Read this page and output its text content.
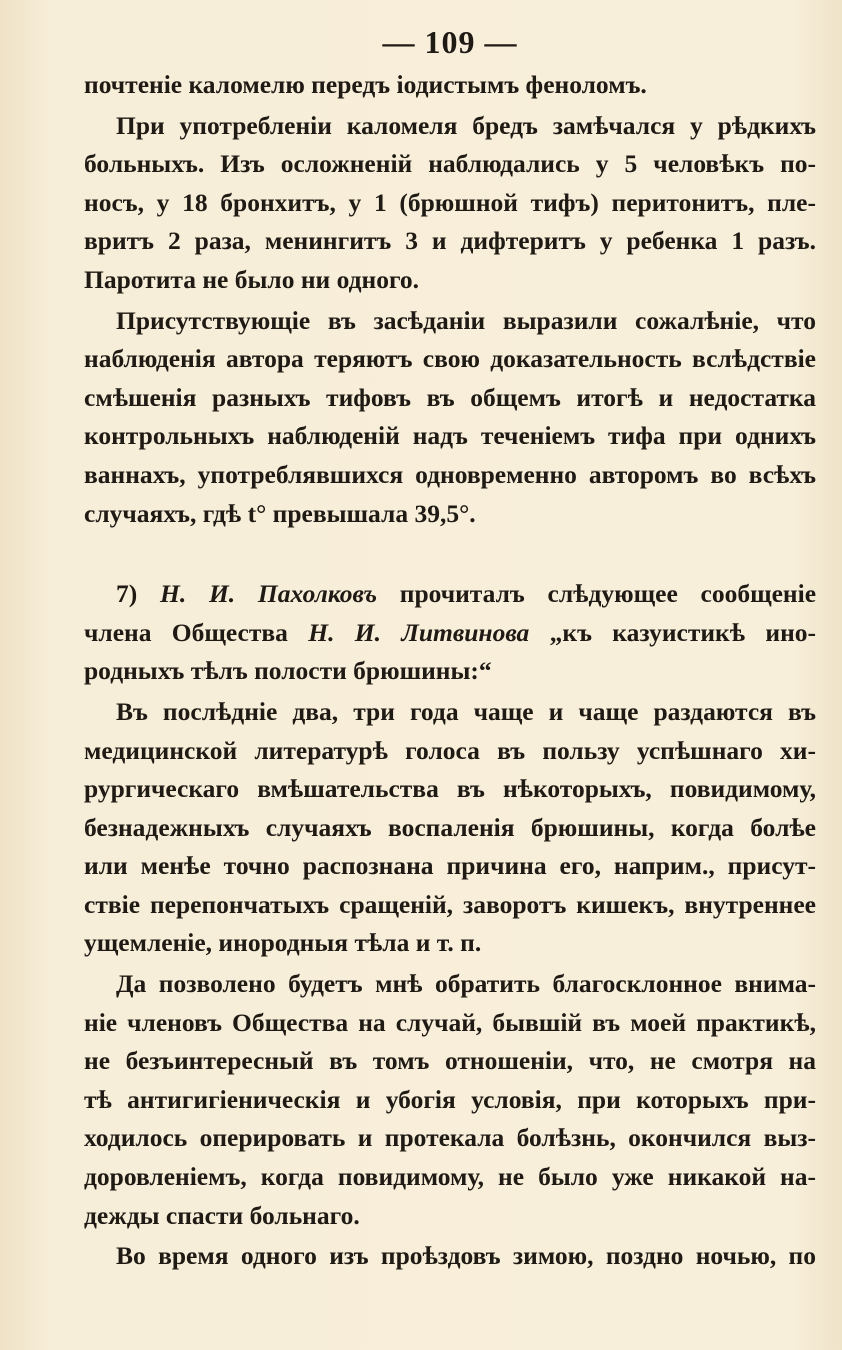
— 109 —
почтеніе каломелю передъ іодистымъ феноломъ.
При употребленіи каломеля бредъ замѣчался у рѣдкихъ
больныхъ. Изъ осложненій наблюдались у 5 человѣкъ по-
носъ, у 18 бронхитъ, у 1 (брюшной тифъ) перитонитъ, пле-
вритъ 2 раза, менингитъ 3 и дифтеритъ у ребенка 1 разъ.
Паротита не было ни одного.
Присутствующіе въ засѣданіи выразили сожалѣніе, что
наблюденія автора теряютъ свою доказательность вслѣдствіе
смѣшенія разныхъ тифовъ въ общемъ итогѣ и недостатка
контрольныхъ наблюденій надъ теченіемъ тифа при однихъ
ваннахъ, употреблявшихся одновременно авторомъ во всѣхъ
случаяхъ, гдѣ t° превышала 39,5°.
7) Н. И. Пахолковъ прочиталъ слѣдующее сообщеніе
члена Общества Н. И. Литвинова „къ казуистикѣ ино-
родныхъ тѣлъ полости брюшины:“
Въ послѣдніе два, три года чаще и чаще раздаются въ
медицинской литературѣ голоса въ пользу успѣшнаго хи-
рургическаго вмѣшательства въ нѣкоторыхъ, повидимому,
безнадежныхъ случаяхъ воспаленія брюшины, когда болѣе
или менѣе точно распознана причина его, наприм., присут-
ствіе перепончатыхъ сращеній, заворотъ кишекъ, внутреннее
ущемленіе, инородныя тѣла и т. п.
Да позволено будетъ мнѣ обратить благосклонное внима-
ніе членовъ Общества на случай, бывшій въ моей практикѣ,
не безъинтересный въ томъ отношеніи, что, не смотря на
тѣ антигигіеническія и убогія условія, при которыхъ при-
ходилось оперировать и протекала болѣзнь, окончился выз-
доровленіемъ, когда повидимому, не было уже никакой на-
дежды спасти больнаго.
Во время одного изъ проѣздовъ зимою, поздно ночью, по
